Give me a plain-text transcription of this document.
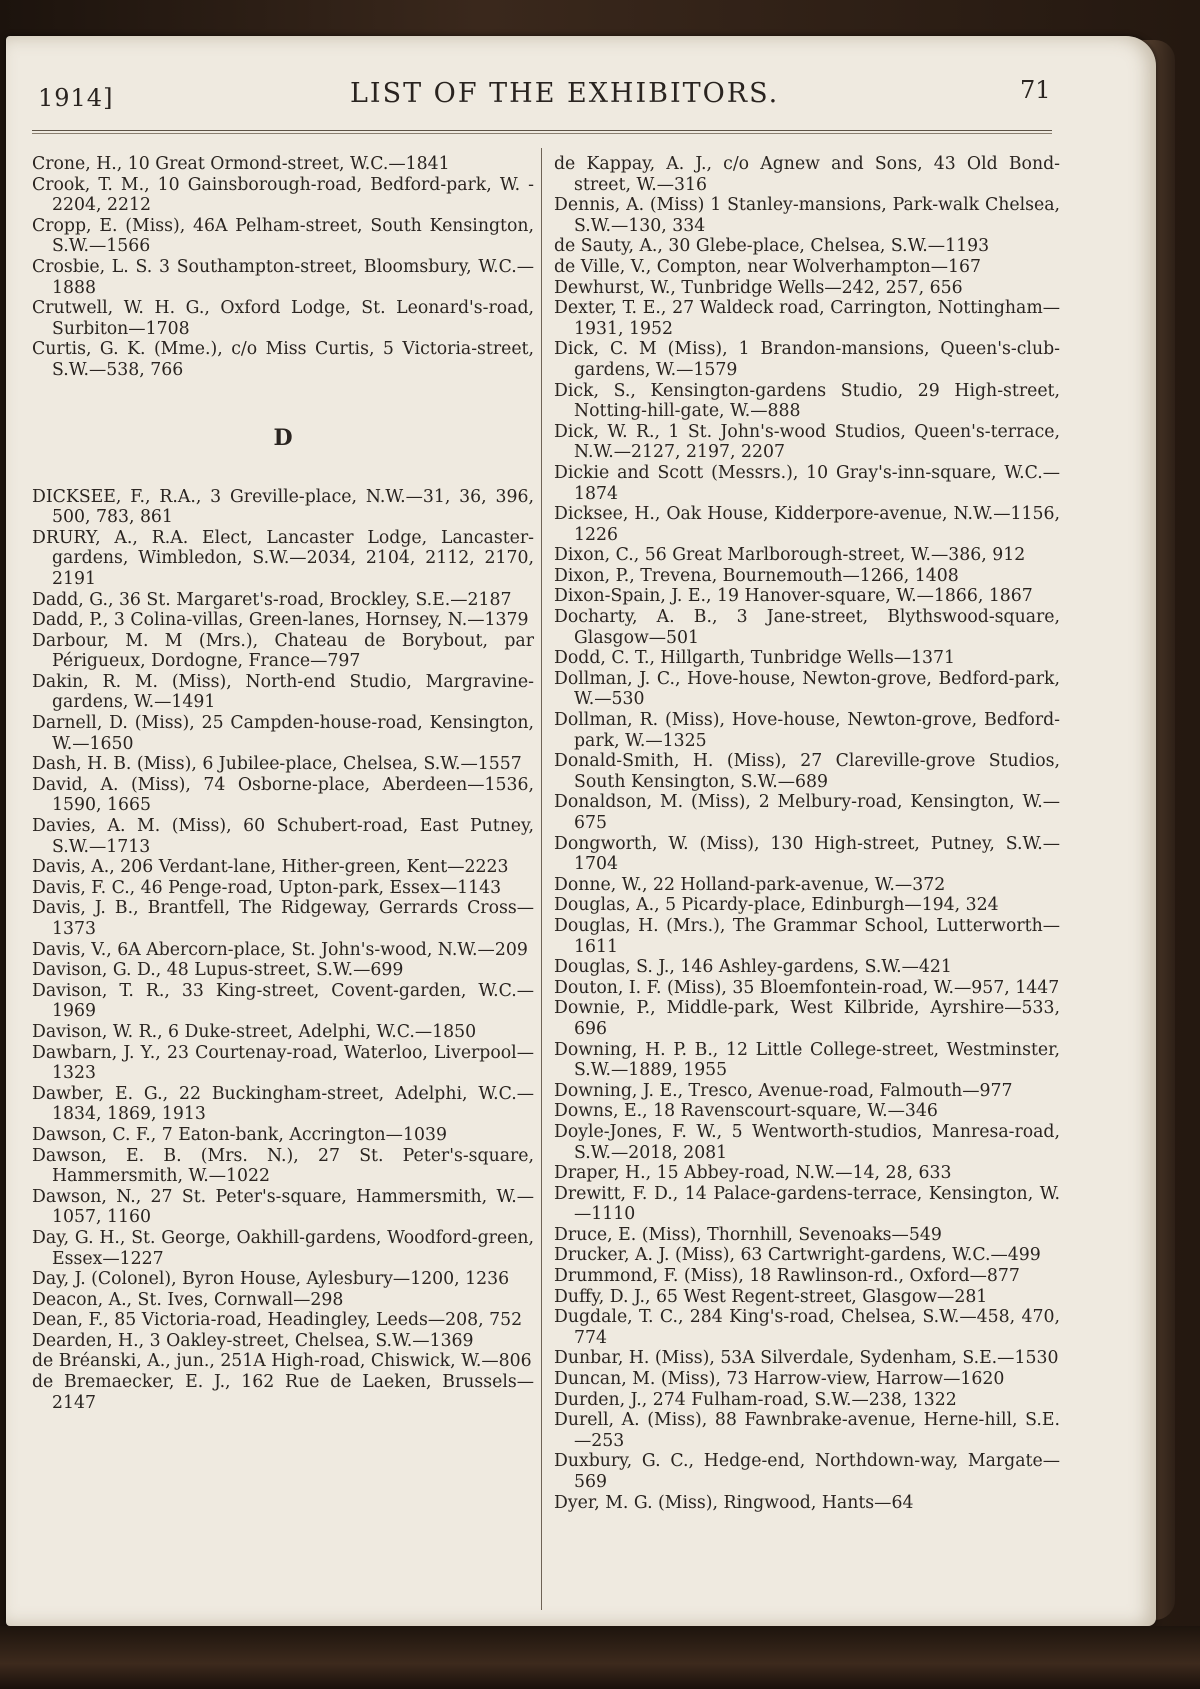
1914]	LIST OF THE EXHIBITORS.	71

Crone, H., 10 Great Ormond-street, W.C.—1841

Crook, T. M., 10 Gainsborough-road, Bedford-park, W. - 2204, 2212

Cropp, E. (Miss), 46A Pelham-street, South Kensington, S.W.—1566

Crosbie, L. S. 3 Southampton-street, Bloomsbury, W.C.—1888

Crutwell, W. H. G., Oxford Lodge, St. Leonard's-road, Surbiton—1708

Curtis, G. K. (Mme.), c/o Miss Curtis, 5 Victoria-street, S.W.—538, 766

D

DICKSEE, F., R.A., 3 Greville-place, N.W.—31, 36, 396, 500, 783, 861

DRURY, A., R.A. Elect, Lancaster Lodge, Lancaster-gardens, Wimbledon, S.W.—2034, 2104, 2112, 2170, 2191

Dadd, G., 36 St. Margaret's-road, Brockley, S.E.—2187

Dadd, P., 3 Colina-villas, Green-lanes, Hornsey, N.—1379

Darbour, M. M (Mrs.), Chateau de Borybout, par Périgueux, Dordogne, France—797

Dakin, R. M. (Miss), North-end Studio, Margravine-gardens, W.—1491

Darnell, D. (Miss), 25 Campden-house-road, Kensington, W.—1650

Dash, H. B. (Miss), 6 Jubilee-place, Chelsea, S.W.—1557

David, A. (Miss), 74 Osborne-place, Aberdeen—1536, 1590, 1665

Davies, A. M. (Miss), 60 Schubert-road, East Putney, S.W.—1713

Davis, A., 206 Verdant-lane, Hither-green, Kent—2223

Davis, F. C., 46 Penge-road, Upton-park, Essex—1143

Davis, J. B., Brantfell, The Ridgeway, Gerrards Cross—1373

Davis, V., 6A Abercorn-place, St. John's-wood, N.W.—209

Davison, G. D., 48 Lupus-street, S.W.—699

Davison, T. R., 33 King-street, Covent-garden, W.C.—1969

Davison, W. R., 6 Duke-street, Adelphi, W.C.—1850

Dawbarn, J. Y., 23 Courtenay-road, Waterloo, Liverpool—1323

Dawber, E. G., 22 Buckingham-street, Adelphi, W.C.—1834, 1869, 1913

Dawson, C. F., 7 Eaton-bank, Accrington—1039

Dawson, E. B. (Mrs. N.), 27 St. Peter's-square, Hammersmith, W.—1022

Dawson, N., 27 St. Peter's-square, Hammersmith, W.—1057, 1160

Day, G. H., St. George, Oakhill-gardens, Woodford-green, Essex—1227

Day, J. (Colonel), Byron House, Aylesbury—1200, 1236

Deacon, A., St. Ives, Cornwall—298

Dean, F., 85 Victoria-road, Headingley, Leeds—208, 752

Dearden, H., 3 Oakley-street, Chelsea, S.W.—1369

de Bréanski, A., jun., 251A High-road, Chiswick, W.—806

de Bremaecker, E. J., 162 Rue de Laeken, Brussels—2147

de Kappay, A. J., c/o Agnew and Sons, 43 Old Bond-street, W.—316

Dennis, A. (Miss) 1 Stanley-mansions, Park-walk Chelsea, S.W.—130, 334

de Sauty, A., 30 Glebe-place, Chelsea, S.W.—1193

de Ville, V., Compton, near Wolverhampton—167

Dewhurst, W., Tunbridge Wells—242, 257, 656

Dexter, T. E., 27 Waldeck road, Carrington, Nottingham—1931, 1952

Dick, C. M (Miss), 1 Brandon-mansions, Queen's-club-gardens, W.—1579

Dick, S., Kensington-gardens Studio, 29 High-street, Notting-hill-gate, W.—888

Dick, W. R., 1 St. John's-wood Studios, Queen's-terrace, N.W.—2127, 2197, 2207

Dickie and Scott (Messrs.), 10 Gray's-inn-square, W.C.—1874

Dicksee, H., Oak House, Kidderpore-avenue, N.W.—1156, 1226

Dixon, C., 56 Great Marlborough-street, W.—386, 912

Dixon, P., Trevena, Bournemouth—1266, 1408

Dixon-Spain, J. E., 19 Hanover-square, W.—1866, 1867

Docharty, A. B., 3 Jane-street, Blythswood-square, Glasgow—501

Dodd, C. T., Hillgarth, Tunbridge Wells—1371

Dollman, J. C., Hove-house, Newton-grove, Bedford-park, W.—530

Dollman, R. (Miss), Hove-house, Newton-grove, Bedford-park, W.—1325

Donald-Smith, H. (Miss), 27 Clareville-grove Studios, South Kensington, S.W.—689

Donaldson, M. (Miss), 2 Melbury-road, Kensington, W.—675

Dongworth, W. (Miss), 130 High-street, Putney, S.W.—1704

Donne, W., 22 Holland-park-avenue, W.—372

Douglas, A., 5 Picardy-place, Edinburgh—194, 324

Douglas, H. (Mrs.), The Grammar School, Lutterworth—1611

Douglas, S. J., 146 Ashley-gardens, S.W.—421

Douton, I. F. (Miss), 35 Bloemfontein-road, W.—957, 1447

Downie, P., Middle-park, West Kilbride, Ayrshire—533, 696

Downing, H. P. B., 12 Little College-street, Westminster, S.W.—1889, 1955

Downing, J. E., Tresco, Avenue-road, Falmouth—977

Downs, E., 18 Ravenscourt-square, W.—346

Doyle-Jones, F. W., 5 Wentworth-studios, Manresa-road, S.W.—2018, 2081

Draper, H., 15 Abbey-road, N.W.—14, 28, 633

Drewitt, F. D., 14 Palace-gardens-terrace, Kensington, W.—1110

Druce, E. (Miss), Thornhill, Sevenoaks—549

Drucker, A. J. (Miss), 63 Cartwright-gardens, W.C.—499

Drummond, F. (Miss), 18 Rawlinson-rd., Oxford—877

Duffy, D. J., 65 West Regent-street, Glasgow—281

Dugdale, T. C., 284 King's-road, Chelsea, S.W.—458, 470, 774

Dunbar, H. (Miss), 53A Silverdale, Sydenham, S.E.—1530

Duncan, M. (Miss), 73 Harrow-view, Harrow—1620

Durden, J., 274 Fulham-road, S.W.—238, 1322

Durell, A. (Miss), 88 Fawnbrake-avenue, Herne-hill, S.E.—253

Duxbury, G. C., Hedge-end, Northdown-way, Margate—569

Dyer, M. G. (Miss), Ringwood, Hants—64
